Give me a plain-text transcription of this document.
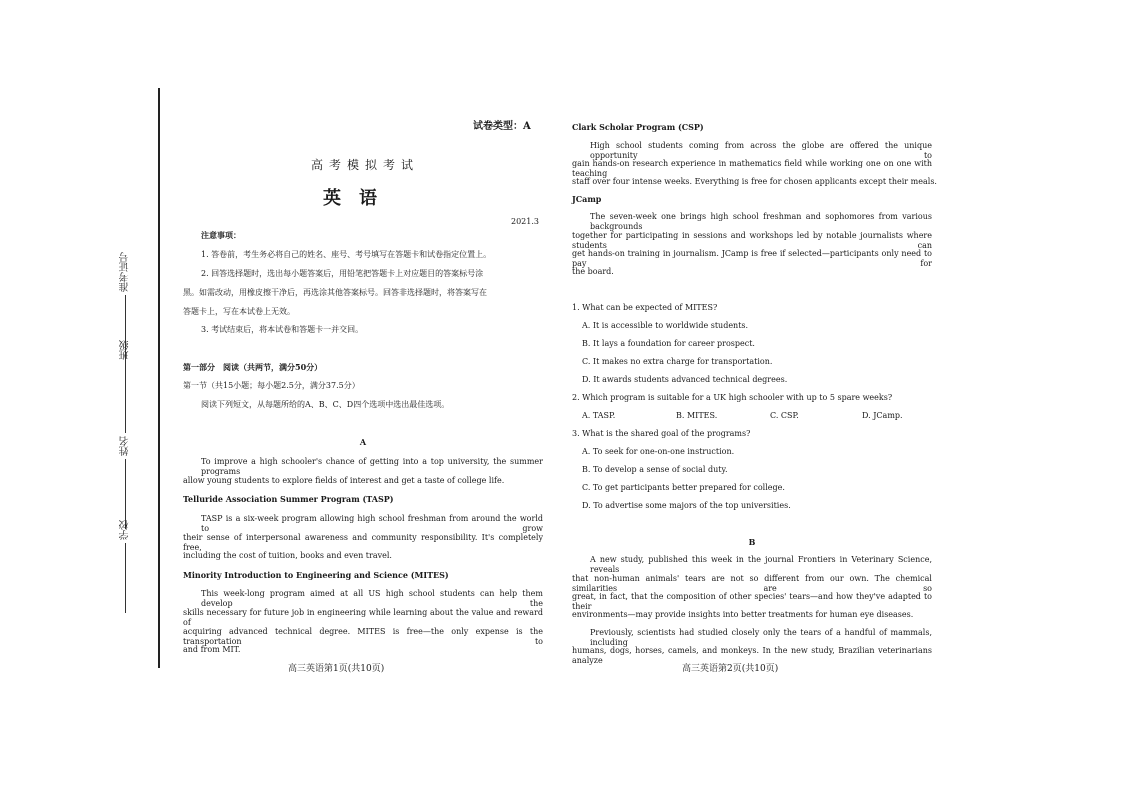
准考证号
班级
姓名
学校
试卷类型：A
高考模拟考试
英语
2021.3
注意事项：
1. 答卷前，考生务必将自己的姓名、座号、考号填写在答题卡和试卷指定位置上。
2. 回答选择题时，选出每小题答案后，用铅笔把答题卡上对应题目的答案标号涂
黑。如需改动，用橡皮擦干净后，再选涂其他答案标号。回答非选择题时，将答案写在
答题卡上，写在本试卷上无效。
3. 考试结束后，将本试卷和答题卡一并交回。
第一部分　阅读（共两节，满分50分）
第一节（共15小题；每小题2.5分，满分37.5分）
阅读下列短文，从每题所给的A、B、C、D四个选项中选出最佳选项。
A
To improve a high schooler's chance of getting into a top university, the summer programs
allow young students to explore fields of interest and get a taste of college life.
Telluride Association Summer Program (TASP)
TASP is a six-week program allowing high school freshman from around the world to grow
their sense of interpersonal awareness and community responsibility. It's completely free,
including the cost of tuition, books and even travel.
Minority Introduction to Engineering and Science (MITES)
This week-long program aimed at all US high school students can help them develop the
skills necessary for future job in engineering while learning about the value and reward of
acquiring advanced technical degree. MITES is free—the only expense is the transportation to
and from MIT.
高三英语第1页(共10页)
Clark Scholar Program (CSP)
High school students coming from across the globe are offered the unique opportunity to
gain hands-on research experience in mathematics field while working one on one with teaching
staff over four intense weeks. Everything is free for chosen applicants except their meals.
JCamp
The seven-week one brings high school freshman and sophomores from various backgrounds
together for participating in sessions and workshops led by notable journalists where students can
get hands-on training in journalism. JCamp is free if selected—participants only need to pay for
the board.
1. What can be expected of MITES?
A. It is accessible to worldwide students.
B. It lays a foundation for career prospect.
C. It makes no extra charge for transportation.
D. It awards students advanced technical degrees.
2. Which program is suitable for a UK high schooler with up to 5 spare weeks?
A. TASP.	B. MITES.	C. CSP.	D. JCamp.
3. What is the shared goal of the programs?
A. To seek for one-on-one instruction.
B. To develop a sense of social duty.
C. To get participants better prepared for college.
D. To advertise some majors of the top universities.
B
A new study, published this week in the journal Frontiers in Veterinary Science, reveals
that non-human animals' tears are not so different from our own. The chemical similarities are so
great, in fact, that the composition of other species' tears—and how they've adapted to their
environments—may provide insights into better treatments for human eye diseases.
Previously, scientists had studied closely only the tears of a handful of mammals, including
humans, dogs, horses, camels, and monkeys. In the new study, Brazilian veterinarians analyze
高三英语第2页(共10页)
